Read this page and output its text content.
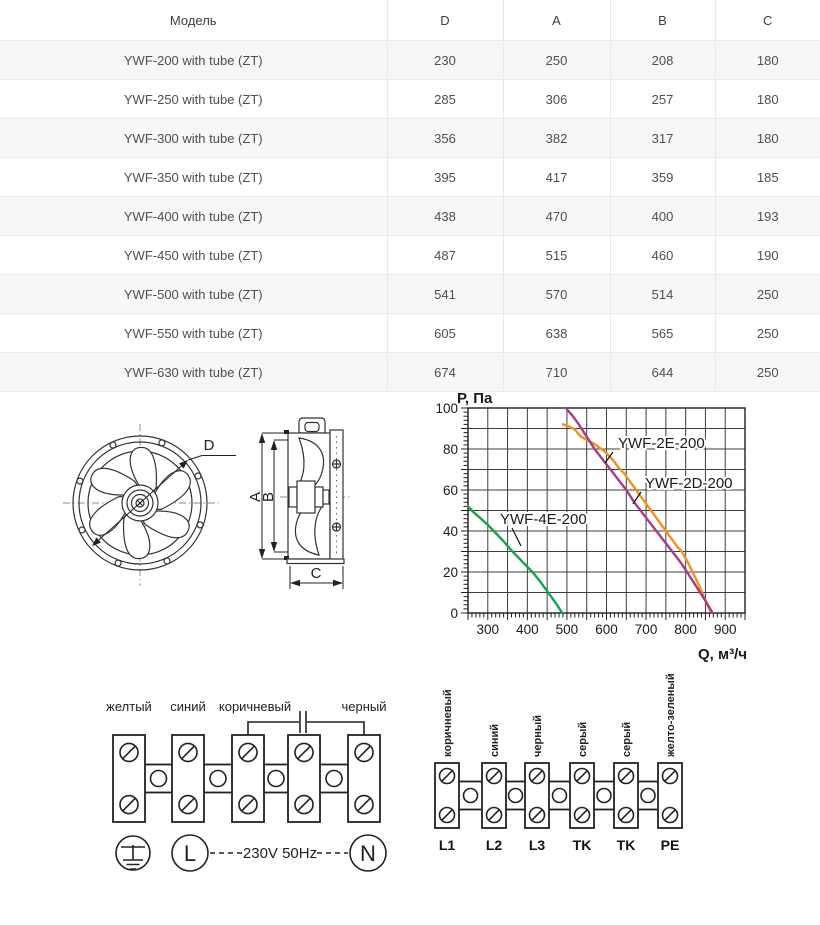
Модель	D	A	B	C
YWF-200 with tube (ZT)	230	250	208	180
YWF-250 with tube (ZT)	285	306	257	180
YWF-300 with tube (ZT)	356	382	317	180
YWF-350 with tube (ZT)	395	417	359	185
YWF-400 with tube (ZT)	438	470	400	193
YWF-450 with tube (ZT)	487	515	460	190
YWF-500 with tube (ZT)	541	570	514	250
YWF-550 with tube (ZT)	605	638	565	250
YWF-630 with tube (ZT)	674	710	644	250
D
A
B
C
300 400 500 600 700 800 900
0
20
40
60
80
100
Р, Па
Q, м³/ч
YWF-2E-200
YWF-2D-200
YWF-4E-200
желтый синий коричневый	черный
L	230V 50Hz N
коричневый	синий	черный	серый	серый	желто-зеленый
L1 L2 L3 TK TK PE
